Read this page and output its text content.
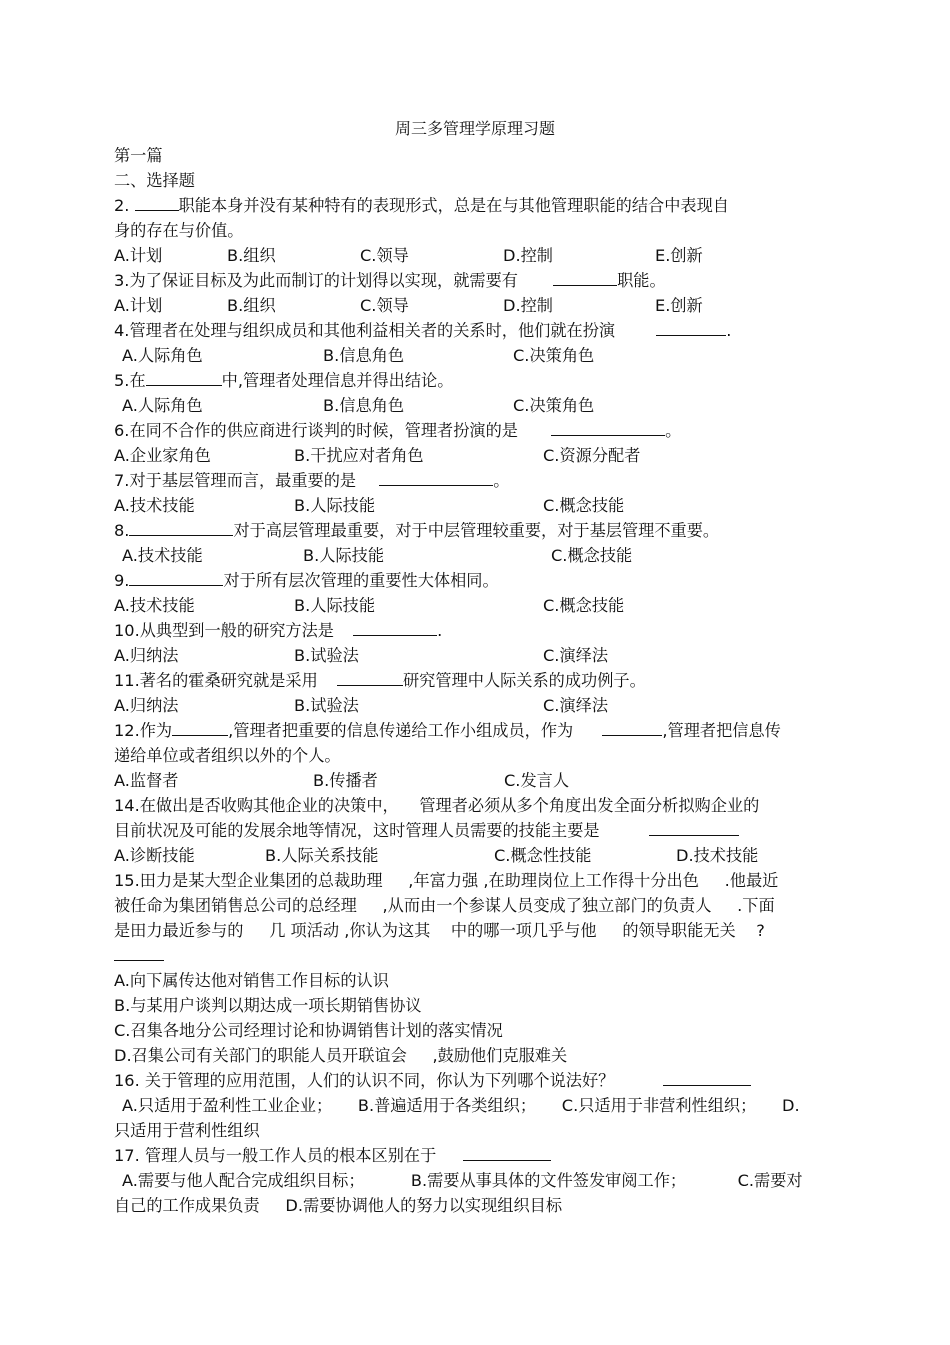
周三多管理学原理习题
第一篇
二、选择题
2.	职能本身并没有某种特有的表现形式，总是在与其他管理职能的结合中表现自
身的存在与价值。
A.计划	B.组织	C.领导	D.控制	E.创新
3.为了保证目标及为此而制订的计划得以实现，就需要有	职能。
A.计划	B.组织	C.领导	D.控制	E.创新
4.管理者在处理与组织成员和其他利益相关者的关系时，他们就在扮演	.
A.人际角色	B.信息角色	C.决策角色
5.在	中,管理者处理信息并得出结论。
A.人际角色	B.信息角色	C.决策角色
6.在同不合作的供应商进行谈判的时候，管理者扮演的是	。
A.企业家角色	B.干扰应对者角色	C.资源分配者
7.对于基层管理而言，最重要的是	。
A.技术技能	B.人际技能	C.概念技能
8.	对于高层管理最重要，对于中层管理较重要，对于基层管理不重要。
A.技术技能	B.人际技能	C.概念技能
9.	对于所有层次管理的重要性大体相同。
A.技术技能	B.人际技能	C.概念技能
10.从典型到一般的研究方法是	.
A.归纳法	B.试验法	C.演绎法
11.著名的霍桑研究就是采用	研究管理中人际关系的成功例子。
A.归纳法	B.试验法	C.演绎法
12.作为	,管理者把重要的信息传递给工作小组成员，作为	,管理者把信息传
递给单位或者组织以外的个人。
A.监督者	B.传播者	C.发言人
14.在做出是否收购其他企业的决策中，    管理者必须从多个角度出发全面分析拟购企业的
目前状况及可能的发展余地等情况，这时管理人员需要的技能主要是
A.诊断技能	B.人际关系技能	C.概念性技能	D.技术技能
15.田力是某大型企业集团的总裁助理     ,年富力强 ,在助理岗位上工作得十分出色     .他最近
被任命为集团销售总公司的总经理     ,从而由一个参谋人员变成了独立部门的负责人     .下面
是田力最近参与的     几 项活动 ,你认为这其    中的哪一项几乎与他     的领导职能无关    ?
A.向下属传达他对销售工作目标的认识
B.与某用户谈判以期达成一项长期销售协议
C.召集各地分公司经理讨论和协调销售计划的落实情况
D.召集公司有关部门的职能人员开联谊会     ,鼓励他们克服难关
16. 关于管理的应用范围，人们的认识不同，你认为下列哪个说法好？
A.只适用于盈利性工业企业；     B.普遍适用于各类组织；     C.只适用于非营利性组织；     D.
只适用于营利性组织
17. 管理人员与一般工作人员的根本区别在于
A.需要与他人配合完成组织目标；         B.需要从事具体的文件签发审阅工作；          C.需要对
自己的工作成果负责     D.需要协调他人的努力以实现组织目标
